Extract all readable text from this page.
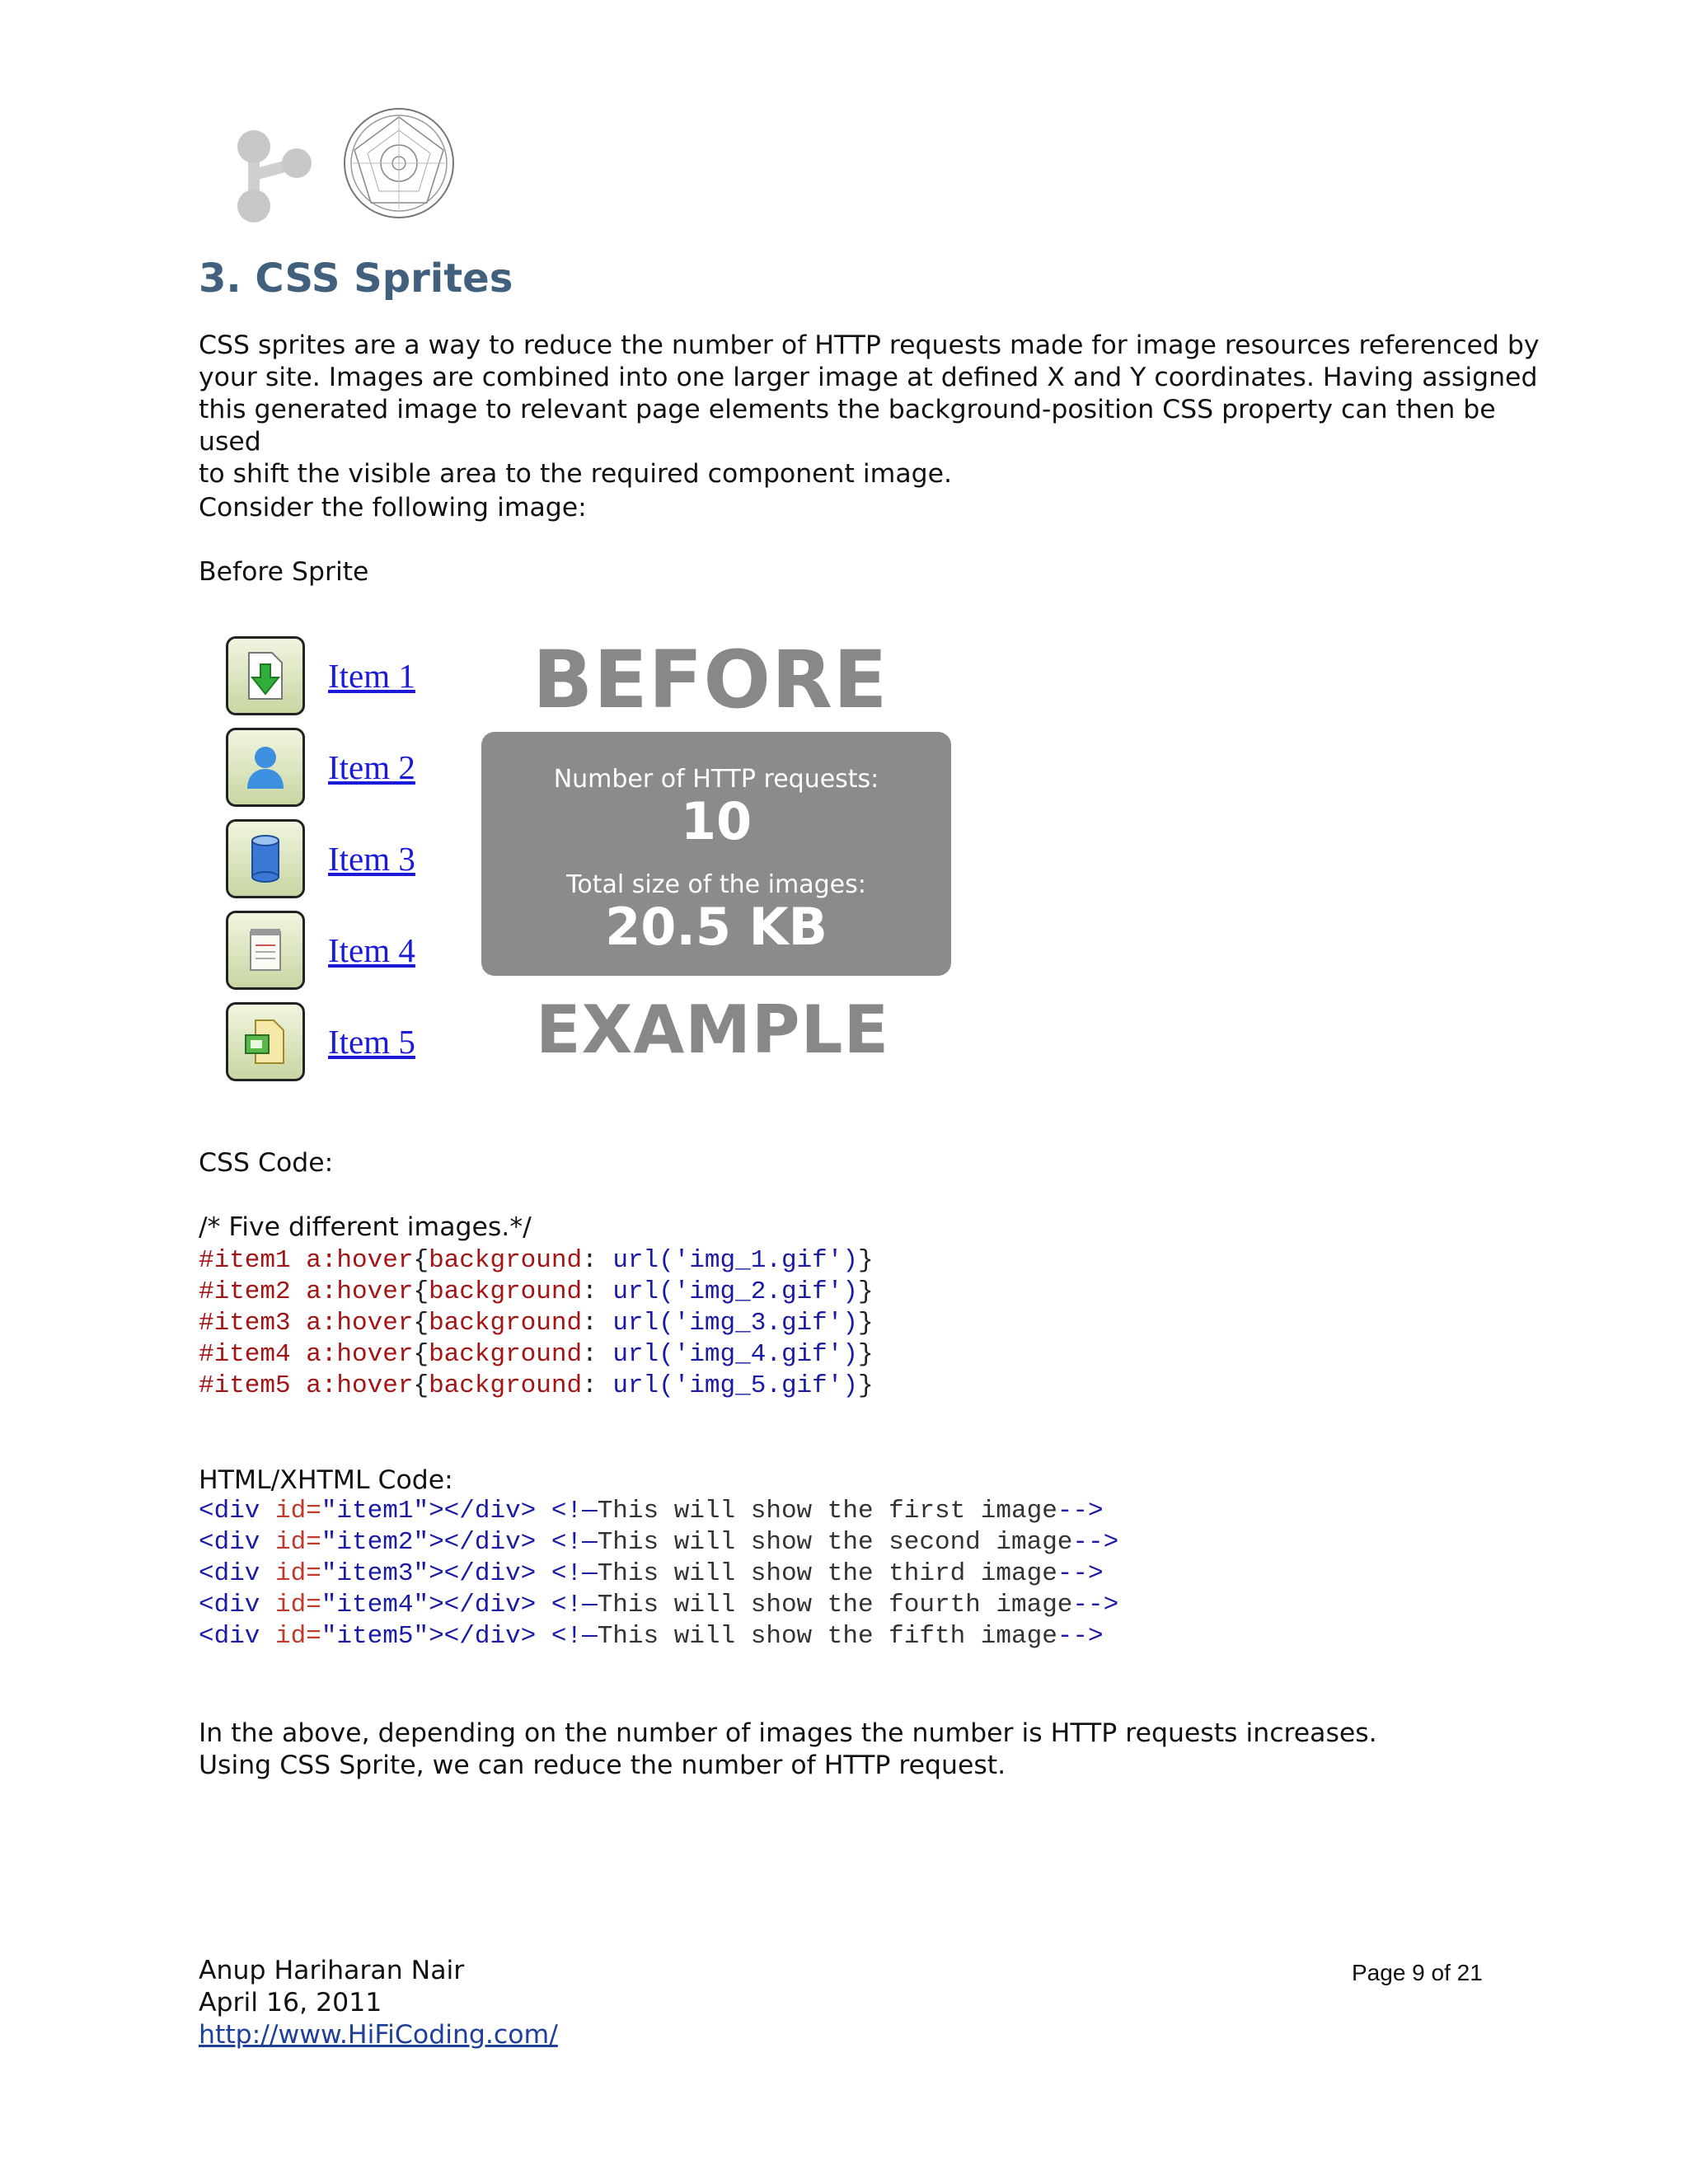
3. CSS Sprites

CSS sprites are a way to reduce the number of HTTP requests made for image resources referenced by

your site. Images are combined into one larger image at defined X and Y coordinates. Having assigned

this generated image to relevant page elements the background-position CSS property can then be used

to shift the visible area to the required component image.

Consider the following image:
Before Sprite
Item 1
Item 2
Item 3
Item 4
Item 5
BEFORE
Number of HTTP requests:
10
Total size of the images:
20.5 KB
EXAMPLE
CSS Code:
/* Five different images.*/
#item1 a:hover{background: url('img_1.gif')}
#item2 a:hover{background: url('img_2.gif')}
#item3 a:hover{background: url('img_3.gif')}
#item4 a:hover{background: url('img_4.gif')}
#item5 a:hover{background: url('img_5.gif')}
HTML/XHTML Code:
<div id="item1"></div> <!—This will show the first image-->
<div id="item2"></div> <!—This will show the second image-->
<div id="item3"></div> <!—This will show the third image-->
<div id="item4"></div> <!—This will show the fourth image-->
<div id="item5"></div> <!—This will show the fifth image-->

In the above, depending on the number of images the number is HTTP requests increases.

Using CSS Sprite, we can reduce the number of HTTP request.

Anup Hariharan Nair
April 16, 2011
http://www.HiFiCoding.com/
Page 9 of 21
